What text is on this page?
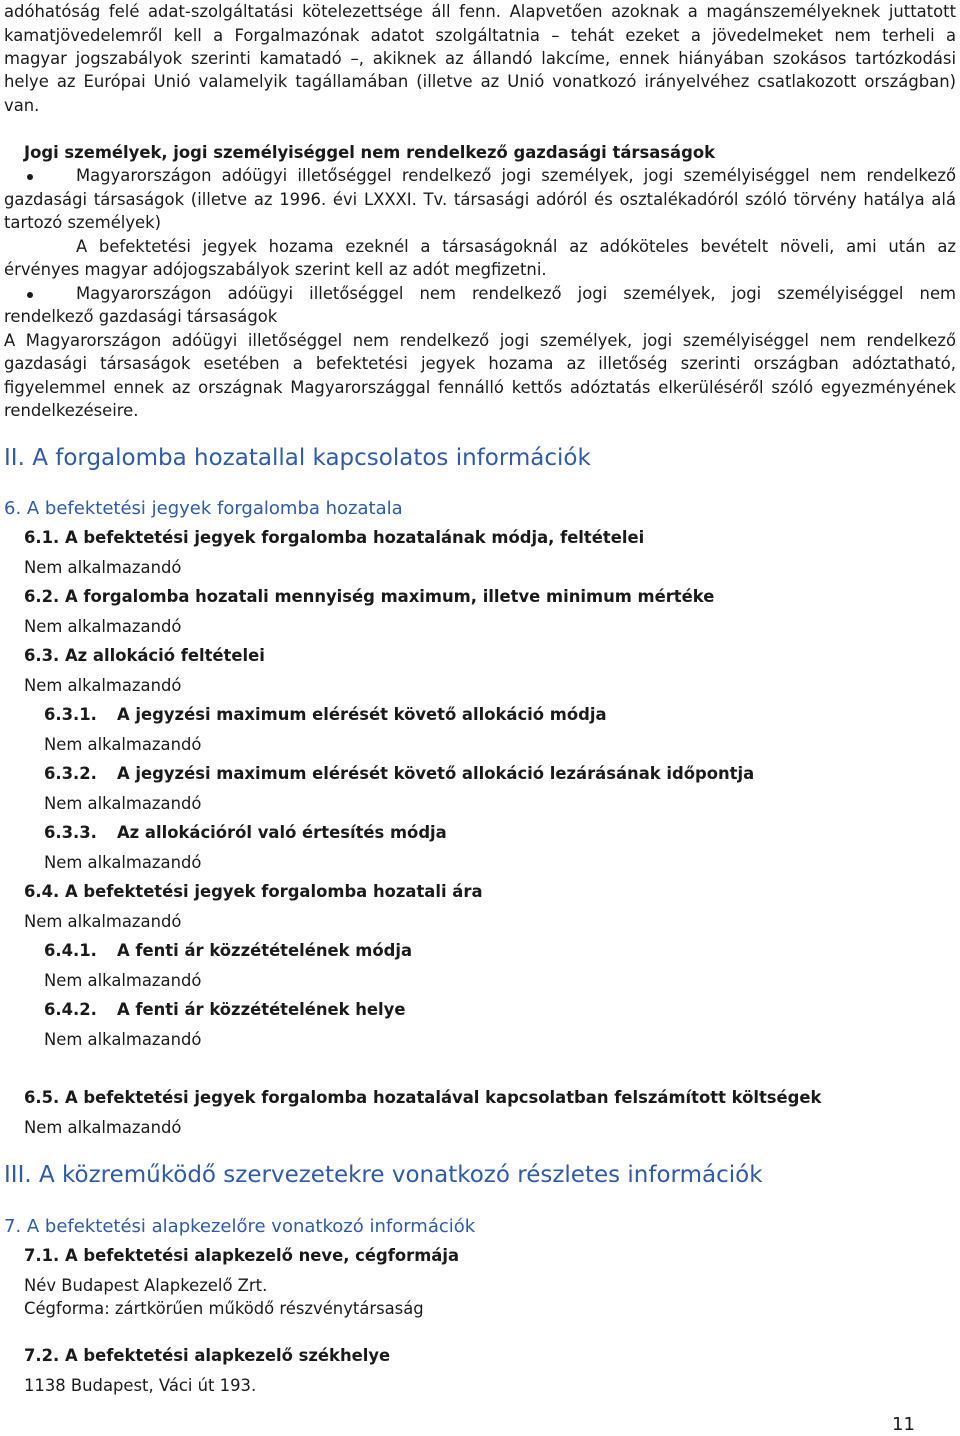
adóhatóság felé adat-szolgáltatási kötelezettsége áll fenn. Alapvetően azoknak a magánszemélyeknek juttatott
kamatjövedelemről kell a Forgalmazónak adatot szolgáltatnia – tehát ezeket a jövedelmeket nem terheli a
magyar jogszabályok szerinti kamatadó –, akiknek az állandó lakcíme, ennek hiányában szokásos tartózkodási
helye az Európai Unió valamelyik tagállamában (illetve az Unió vonatkozó irányelvéhez csatlakozott országban)
van.
Jogi személyek, jogi személyiséggel nem rendelkező gazdasági társaságok
Magyarországon adóügyi illetőséggel rendelkező jogi személyek, jogi személyiséggel nem rendelkező
gazdasági társaságok (illetve az 1996. évi LXXXI. Tv. társasági adóról és osztalékadóról szóló törvény hatálya alá
tartozó személyek)
A befektetési jegyek hozama ezeknél a társaságoknál az adóköteles bevételt növeli, ami után az
érvényes magyar adójogszabályok szerint kell az adót megfizetni.
Magyarországon adóügyi illetőséggel nem rendelkező jogi személyek, jogi személyiséggel nem
rendelkező gazdasági társaságok
A Magyarországon adóügyi illetőséggel nem rendelkező jogi személyek, jogi személyiséggel nem rendelkező
gazdasági társaságok esetében a befektetési jegyek hozama az illetőség szerinti országban adóztatható,
figyelemmel ennek az országnak Magyarországgal fennálló kettős adóztatás elkerüléséről szóló egyezményének
rendelkezéseire.
II. A forgalomba hozatallal kapcsolatos információk
6. A befektetési jegyek forgalomba hozatala
6.1. A befektetési jegyek forgalomba hozatalának módja, feltételei
Nem alkalmazandó
6.2. A forgalomba hozatali mennyiség maximum, illetve minimum mértéke
Nem alkalmazandó
6.3. Az allokáció feltételei
Nem alkalmazandó
6.3.1. A jegyzési maximum elérését követő allokáció módja
Nem alkalmazandó
6.3.2. A jegyzési maximum elérését követő allokáció lezárásának időpontja
Nem alkalmazandó
6.3.3. Az allokációról való értesítés módja
Nem alkalmazandó
6.4. A befektetési jegyek forgalomba hozatali ára
Nem alkalmazandó
6.4.1. A fenti ár közzétételének módja
Nem alkalmazandó
6.4.2. A fenti ár közzétételének helye
Nem alkalmazandó
6.5. A befektetési jegyek forgalomba hozatalával kapcsolatban felszámított költségek
Nem alkalmazandó
III. A közreműködő szervezetekre vonatkozó részletes információk
7. A befektetési alapkezelőre vonatkozó információk
7.1. A befektetési alapkezelő neve, cégformája
Név Budapest Alapkezelő Zrt.
Cégforma: zártkörűen működő részvénytársaság
7.2. A befektetési alapkezelő székhelye
1138 Budapest, Váci út 193.
11
